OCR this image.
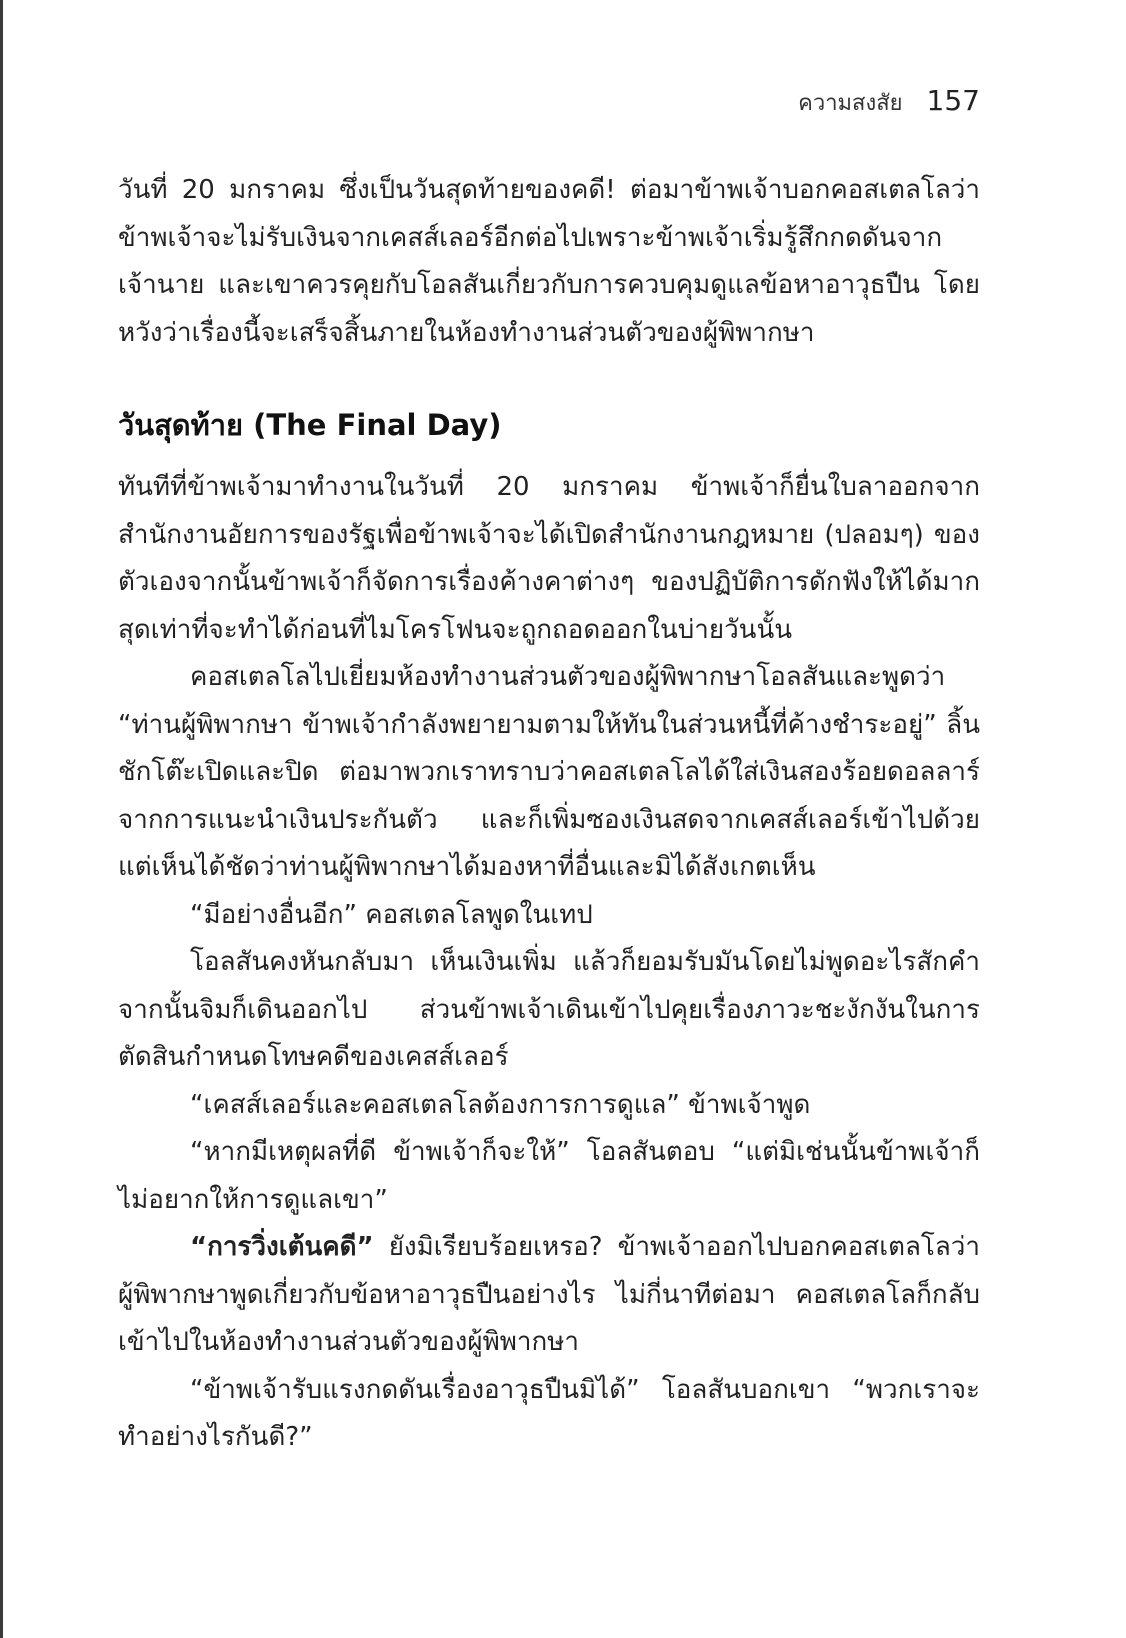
ความสงสัย 157

วันที่ 20 มกราคม ซึ่งเป็นวันสุดท้ายของคดี! ต่อมาข้าพเจ้าบอกคอสเตลโลว่าข้าพเจ้าจะไม่รับเงินจากเคสส์เลอร์อีกต่อไปเพราะข้าพเจ้าเริ่มรู้สึกกดดันจากเจ้านาย และเขาควรคุยกับโอลสันเกี่ยวกับการควบคุมดูแลข้อหาอาวุธปืน โดยหวังว่าเรื่องนี้จะเสร็จสิ้นภายในห้องทำงานส่วนตัวของผู้พิพากษา

วันสุดท้าย (The Final Day)

ทันทีที่ข้าพเจ้ามาทำงานในวันที่ 20 มกราคม ข้าพเจ้าก็ยื่นใบลาออกจากสำนักงานอัยการของรัฐเพื่อข้าพเจ้าจะได้เปิดสำนักงานกฎหมาย (ปลอมๆ) ของตัวเองจากนั้นข้าพเจ้าก็จัดการเรื่องค้างคาต่างๆ ของปฏิบัติการดักฟังให้ได้มากสุดเท่าที่จะทำได้ก่อนที่ไมโครโฟนจะถูกถอดออกในบ่ายวันนั้น

คอสเตลโลไปเยี่ยมห้องทำงานส่วนตัวของผู้พิพากษาโอลสันและพูดว่า “ท่านผู้พิพากษา ข้าพเจ้ากำลังพยายามตามให้ทันในส่วนหนี้ที่ค้างชำระอยู่” ลิ้นชักโต๊ะเปิดและปิด ต่อมาพวกเราทราบว่าคอสเตลโลได้ใส่เงินสองร้อยดอลลาร์จากการแนะนำเงินประกันตัว และก็เพิ่มซองเงินสดจากเคสส์เลอร์เข้าไปด้วย แต่เห็นได้ชัดว่าท่านผู้พิพากษาได้มองหาที่อื่นและมิได้สังเกตเห็น

“มีอย่างอื่นอีก” คอสเตลโลพูดในเทป

โอลสันคงหันกลับมา เห็นเงินเพิ่ม แล้วก็ยอมรับมันโดยไม่พูดอะไรสักคำจากนั้นจิมก็เดินออกไป ส่วนข้าพเจ้าเดินเข้าไปคุยเรื่องภาวะชะงักงันในการตัดสินกำหนดโทษคดีของเคสส์เลอร์

“เคสส์เลอร์และคอสเตลโลต้องการการดูแล” ข้าพเจ้าพูด

“หากมีเหตุผลที่ดี ข้าพเจ้าก็จะให้” โอลสันตอบ “แต่มิเช่นนั้นข้าพเจ้าก็ไม่อยากให้การดูแลเขา”

“การวิ่งเต้นคดี” ยังมิเรียบร้อยเหรอ? ข้าพเจ้าออกไปบอกคอสเตลโลว่าผู้พิพากษาพูดเกี่ยวกับข้อหาอาวุธปืนอย่างไร ไม่กี่นาทีต่อมา คอสเตลโลก็กลับเข้าไปในห้องทำงานส่วนตัวของผู้พิพากษา

“ข้าพเจ้ารับแรงกดดันเรื่องอาวุธปืนมิได้” โอลสันบอกเขา “พวกเราจะทำอย่างไรกันดี?”
